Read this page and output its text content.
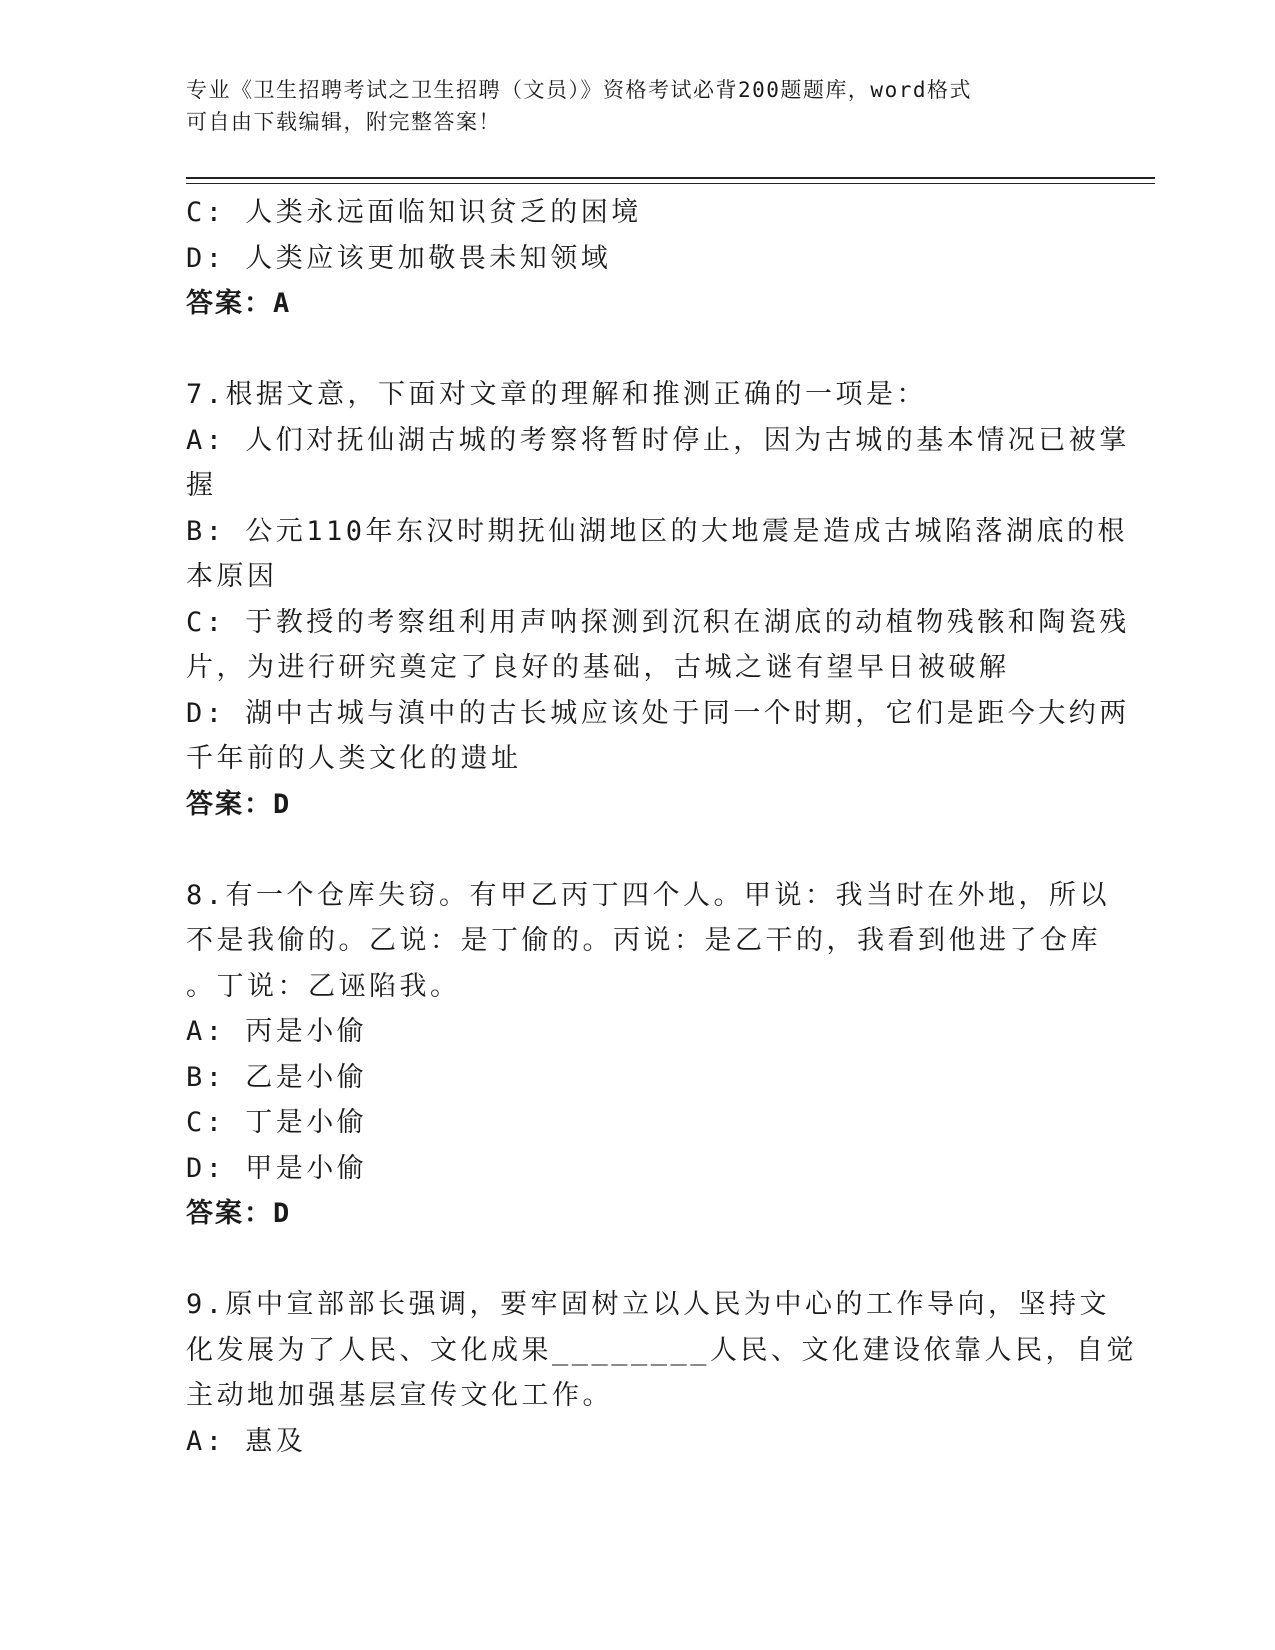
专业《卫生招聘考试之卫生招聘（文员）》资格考试必背200题题库，word格式
可自由下载编辑，附完整答案！
C: 人类永远面临知识贫乏的困境
D: 人类应该更加敬畏未知领域
答案：A
7.根据文意，下面对文章的理解和推测正确的一项是：
A: 人们对抚仙湖古城的考察将暂时停止，因为古城的基本情况已被掌
握
B: 公元110年东汉时期抚仙湖地区的大地震是造成古城陷落湖底的根
本原因
C: 于教授的考察组利用声呐探测到沉积在湖底的动植物残骸和陶瓷残
片，为进行研究奠定了良好的基础，古城之谜有望早日被破解
D: 湖中古城与滇中的古长城应该处于同一个时期，它们是距今大约两
千年前的人类文化的遗址
答案：D
8.有一个仓库失窃。有甲乙丙丁四个人。甲说：我当时在外地，所以
不是我偷的。乙说：是丁偷的。丙说：是乙干的，我看到他进了仓库
。丁说：乙诬陷我。
A: 丙是小偷
B: 乙是小偷
C: 丁是小偷
D: 甲是小偷
答案：D
9.原中宣部部长强调，要牢固树立以人民为中心的工作导向，坚持文
化发展为了人民、文化成果________人民、文化建设依靠人民，自觉
主动地加强基层宣传文化工作。
A: 惠及
